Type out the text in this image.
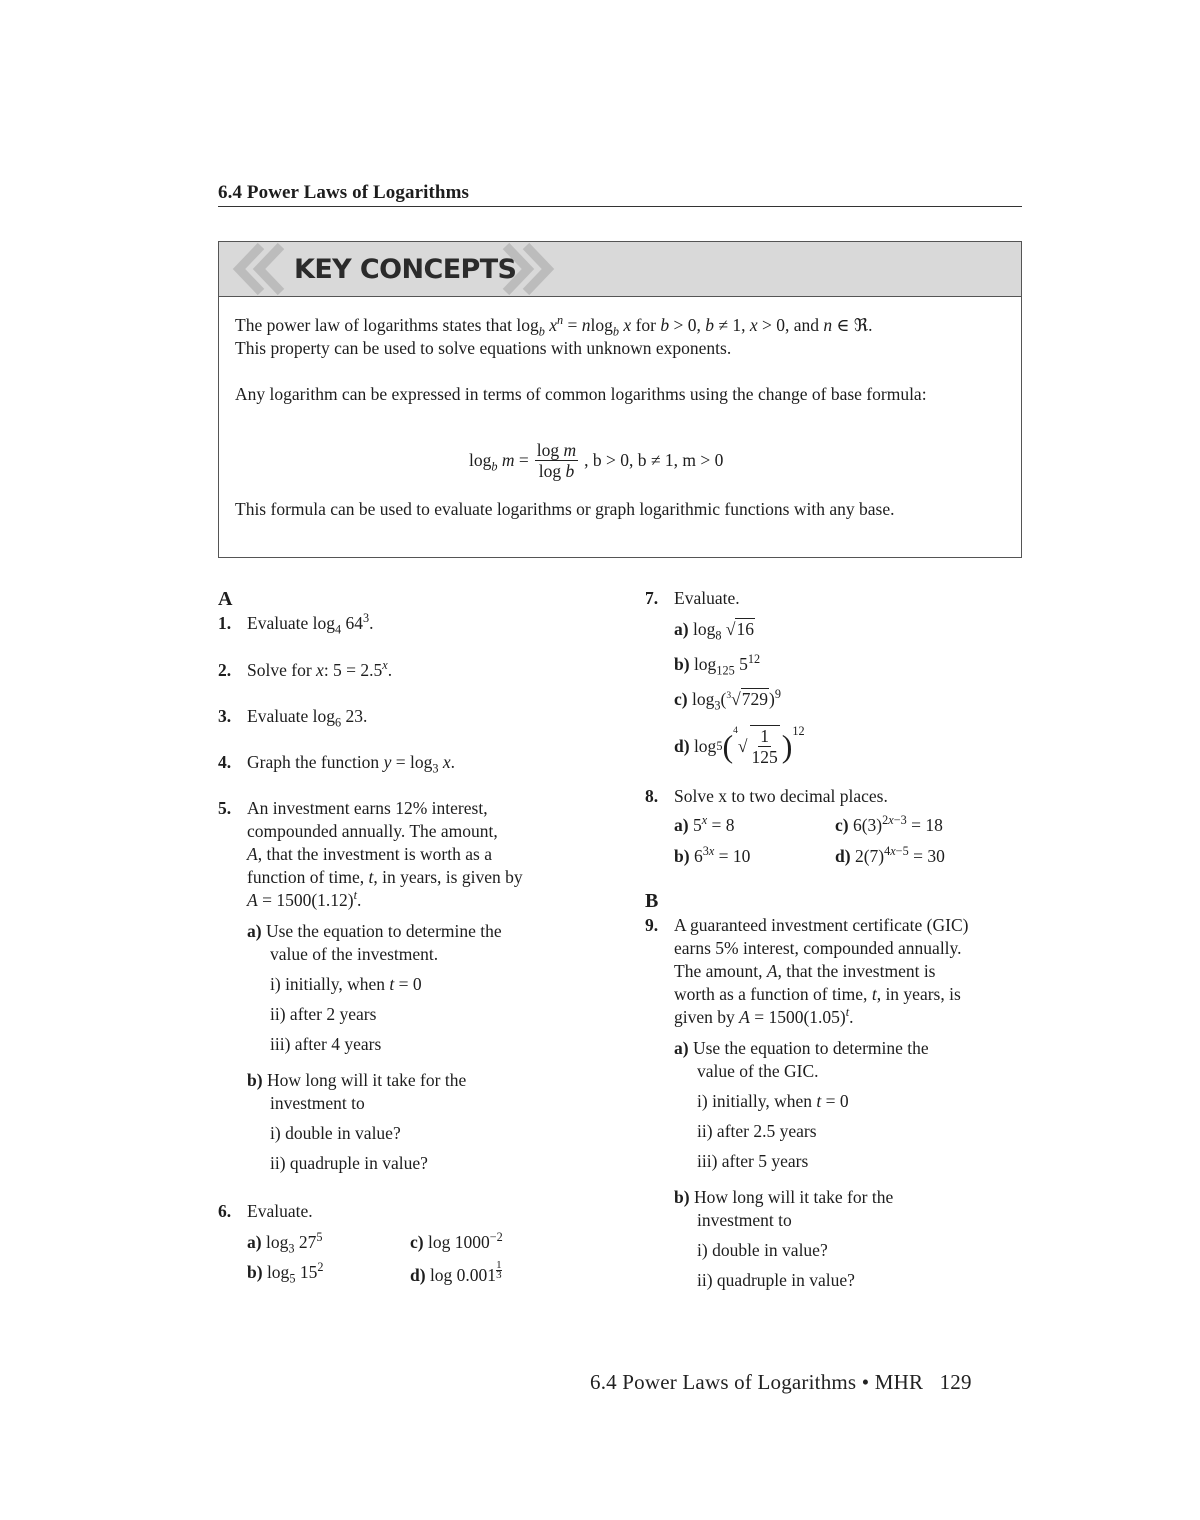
6.4 Power Laws of Logarithms
KEY CONCEPTS
The power law of logarithms states that $\log_b x^n = nlog_b$ x for b > 0, b ≠ 1, x > 0, and n ∈ ℜ.
This property can be used to solve equations with unknown exponents.
Any logarithm can be expressed in terms of common logarithms using the change of base formula:
$\log_b m = \frac{\text{log m}}{\text{log b}}$ , b > 0, b ≠ 1, m > 0
This formula can be used to evaluate logarithms or graph logarithmic functions with any base.
A
1. Evaluate $\log_4 64^3$.
2. Solve for x: $5 = 2.5^x$.
3. Evaluate $\log_6 23$.
4. Graph the function $y = \log_3 x$.
5. An investment earns 12% interest,
compounded annually. The amount,
A, that the investment is worth as a
function of time, t, in years, is given by
$A = 1500(1.12)^t$.
a) Use the equation to determine the
value of the investment.
i) initially, when t = 0
ii) after 2 years
iii) after 4 years
b) How long will it take for the
investment to
i) double in value?
ii) quadruple in value?
6. Evaluate.
a) $\log_3 27^5$	c) $\log 1000^{-2}$
b) $\log_5 15^2$	d) log 0.001 $^{\frac{1}{3}}$
7. Evaluate.
a) $\log_8 √16$
b) $\log_{125} 5^{12}$
c) $\log_3(^3√729)^9$
d) log 5 ( 4
√ $\frac{1}{125}$ ) 12
8. Solve x to two decimal places.
a) $5^x = 8$	c) $6(3)^{2x-3} = 18$
b) $6^{3x} = 10$	d) $2(7)^{4x-5} = 30$
B
9. A guaranteed investment certificate (GIC)
earns 5% interest, compounded annually.
The amount, A, that the investment is
worth as a function of time, t, in years, is
given by $A = 1500(1.05)^t$.
a) Use the equation to determine the
value of the GIC.
i) initially, when t = 0
ii) after 2.5 years
iii) after 5 years
b) How long will it take for the
investment to
i) double in value?
ii) quadruple in value?
6.4 Power Laws of Logarithms • MHR 129
